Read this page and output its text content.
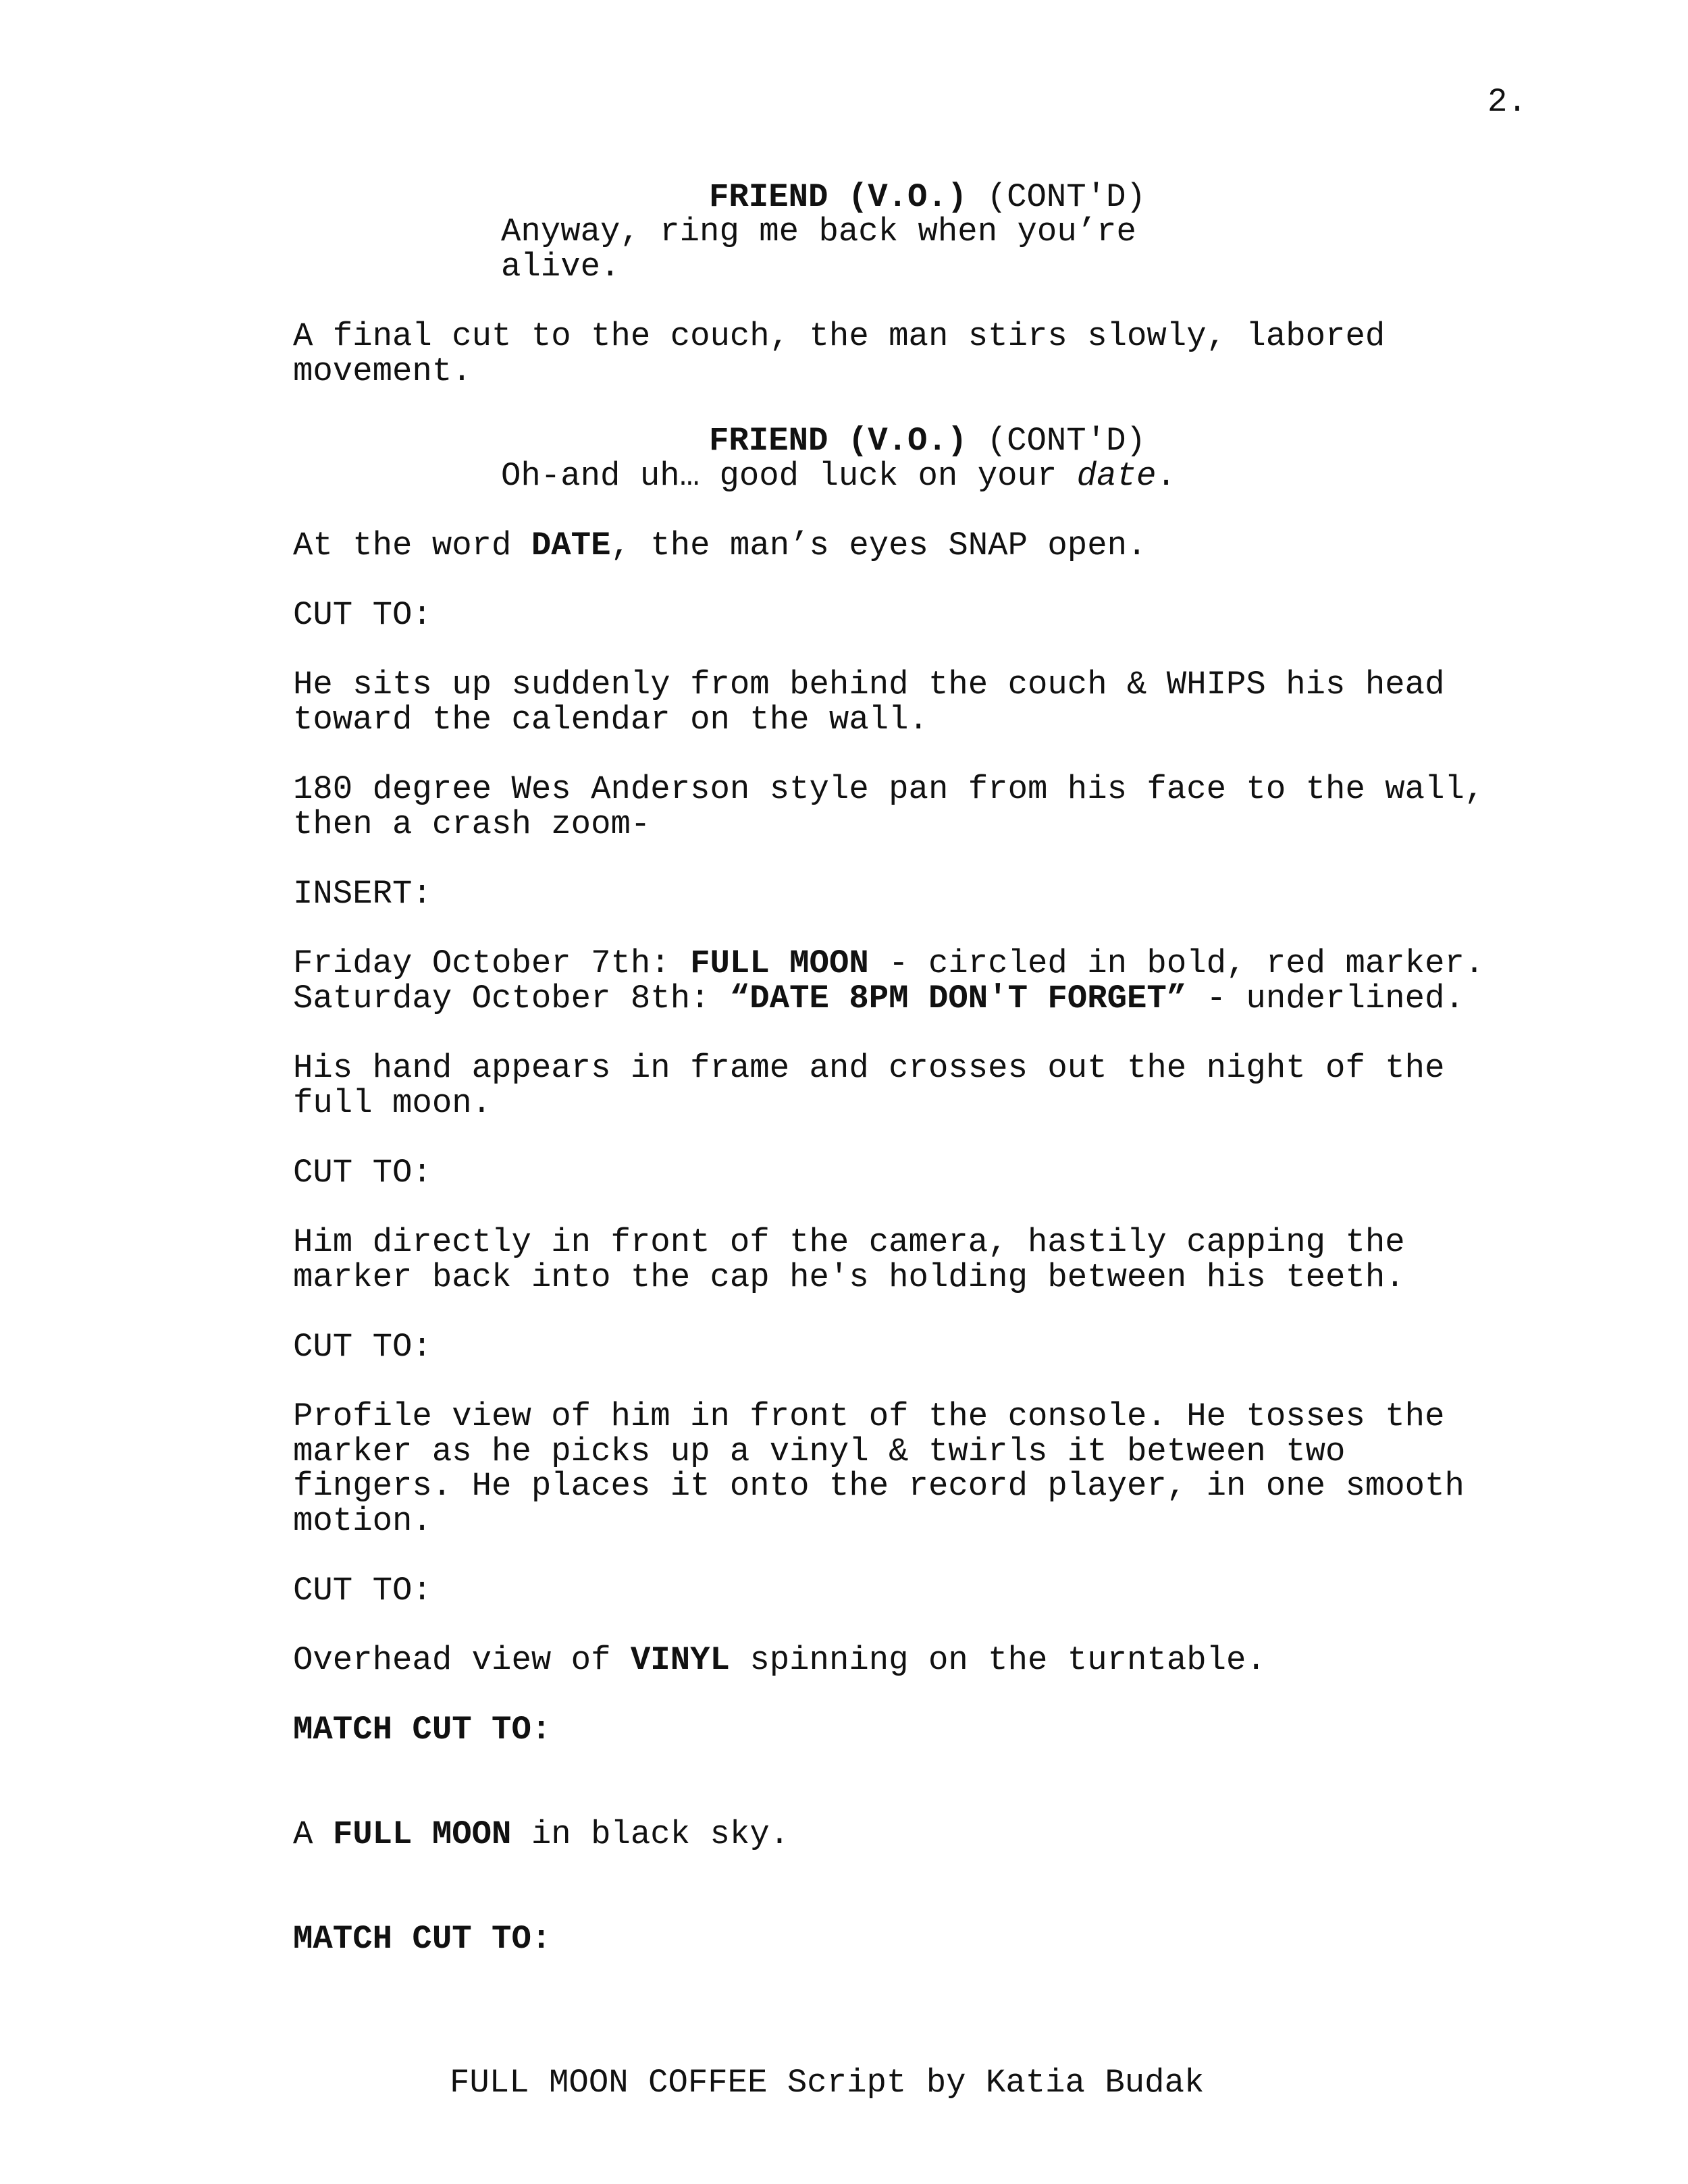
2.
FRIEND (V.O.) (CONT'D)
Anyway, ring me back when you’re
alive.
A final cut to the couch, the man stirs slowly, labored
movement.
FRIEND (V.O.) (CONT'D)
Oh-and uh… good luck on your date.
At the word DATE, the man’s eyes SNAP open.
CUT TO:
He sits up suddenly from behind the couch & WHIPS his head
toward the calendar on the wall.
180 degree Wes Anderson style pan from his face to the wall,
then a crash zoom-
INSERT:
Friday October 7th: FULL MOON - circled in bold, red marker.
Saturday October 8th: “DATE 8PM DON'T FORGET” - underlined.
His hand appears in frame and crosses out the night of the
full moon.
CUT TO:
Him directly in front of the camera, hastily capping the
marker back into the cap he's holding between his teeth.
CUT TO:
Profile view of him in front of the console. He tosses the
marker as he picks up a vinyl & twirls it between two
fingers. He places it onto the record player, in one smooth
motion.
CUT TO:
Overhead view of VINYL spinning on the turntable.
MATCH CUT TO:
A FULL MOON in black sky.
MATCH CUT TO:
FULL MOON COFFEE Script by Katia Budak
